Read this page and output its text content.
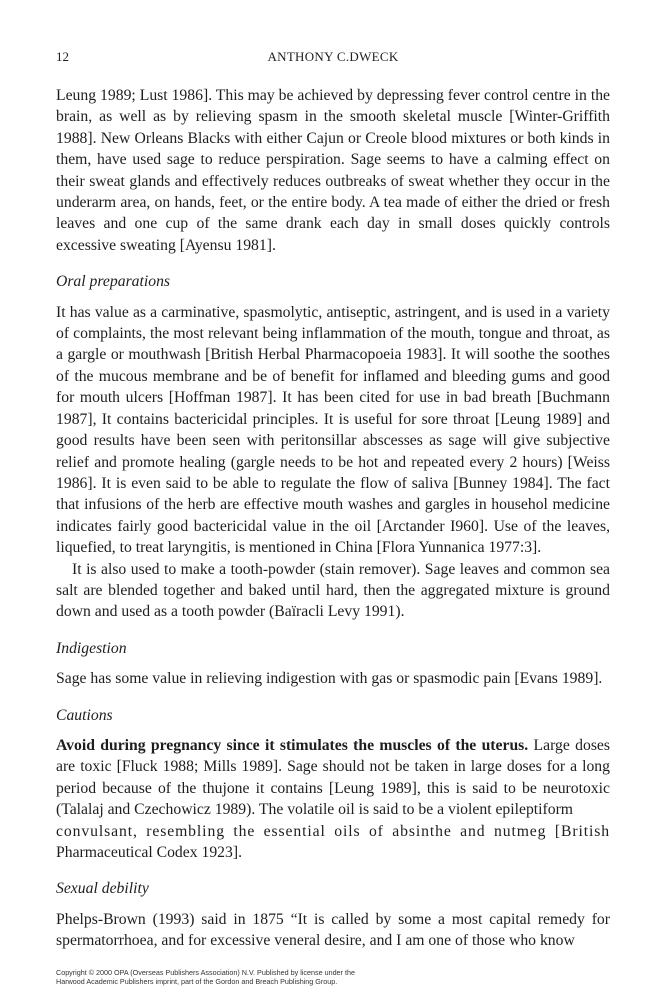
12	ANTHONY C.DWECK

Leung 1989; Lust 1986]. This may be achieved by depressing fever control centre in the brain, as well as by relieving spasm in the smooth skeletal muscle [Winter-Griffith 1988]. New Orleans Blacks with either Cajun or Creole blood mixtures or both kinds in them, have used sage to reduce perspiration. Sage seems to have a calming effect on their sweat glands and effectively reduces outbreaks of sweat whether they occur in the underarm area, on hands, feet, or the entire body. A tea made of either the dried or fresh leaves and one cup of the same drank each day in small doses quickly controls excessive sweating [Ayensu 1981].

Oral preparations

It has value as a carminative, spasmolytic, antiseptic, astringent, and is used in a variety of complaints, the most relevant being inflammation of the mouth, tongue and throat, as a gargle or mouthwash [British Herbal Pharmacopoeia 1983]. It will soothe the soothes of the mucous membrane and be of benefit for inflamed and bleeding gums and good for mouth ulcers [Hoffman 1987]. It has been cited for use in bad breath [Buchmann 1987], It contains bactericidal principles. It is useful for sore throat [Leung 1989] and good results have been seen with peritonsillar abscesses as sage will give subjective relief and promote healing (gargle needs to be hot and repeated every 2 hours) [Weiss 1986]. It is even said to be able to regulate the flow of saliva [Bunney 1984]. The fact that infusions of the herb are effective mouth washes and gargles in househol medicine indicates fairly good bactericidal value in the oil [Arctander I960]. Use of the leaves, liquefied, to treat laryngitis, is mentioned in China [Flora Yunnanica 1977:3].

It is also used to make a tooth-powder (stain remover). Sage leaves and common sea salt are blended together and baked until hard, then the aggregated mixture is ground down and used as a tooth powder (Baïracli Levy 1991).

Indigestion

Sage has some value in relieving indigestion with gas or spasmodic pain [Evans 1989].

Cautions

Avoid during pregnancy since it stimulates the muscles of the uterus. Large doses are toxic [Fluck 1988; Mills 1989]. Sage should not be taken in large doses for a long period because of the thujone it contains [Leung 1989], this is said to be neurotoxic (Talalaj and Czechowicz 1989). The volatile oil is said to be a violent epileptiform

convulsant, resembling the essential oils of absinthe and nutmeg [British

Pharmaceutical Codex 1923].

Sexual debility

Phelps-Brown (1993) said in 1875 “It is called by some a most capital remedy for spermatorrhoea, and for excessive veneral desire, and I am one of those who know

Copyright © 2000 OPA (Overseas Publishers Association) N.V. Published by license under the
Harwood Academic Publishers imprint, part of the Gordon and Breach Publishing Group.
